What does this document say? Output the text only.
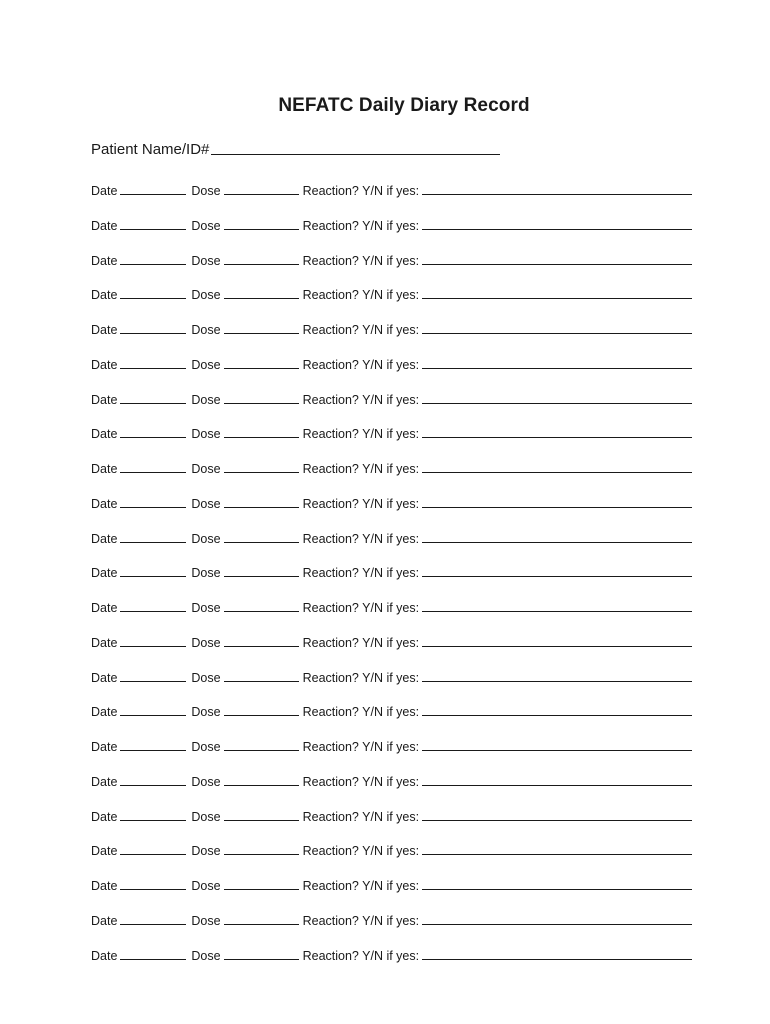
NEFATC Daily Diary Record
Patient Name/ID#
Date	Dose	Reaction? Y/N if yes:
Date	Dose	Reaction? Y/N if yes:
Date	Dose	Reaction? Y/N if yes:
Date	Dose	Reaction? Y/N if yes:
Date	Dose	Reaction? Y/N if yes:
Date	Dose	Reaction? Y/N if yes:
Date	Dose	Reaction? Y/N if yes:
Date	Dose	Reaction? Y/N if yes:
Date	Dose	Reaction? Y/N if yes:
Date	Dose	Reaction? Y/N if yes:
Date	Dose	Reaction? Y/N if yes:
Date	Dose	Reaction? Y/N if yes:
Date	Dose	Reaction? Y/N if yes:
Date	Dose	Reaction? Y/N if yes:
Date	Dose	Reaction? Y/N if yes:
Date	Dose	Reaction? Y/N if yes:
Date	Dose	Reaction? Y/N if yes:
Date	Dose	Reaction? Y/N if yes:
Date	Dose	Reaction? Y/N if yes:
Date	Dose	Reaction? Y/N if yes:
Date	Dose	Reaction? Y/N if yes:
Date	Dose	Reaction? Y/N if yes:
Date	Dose	Reaction? Y/N if yes:
